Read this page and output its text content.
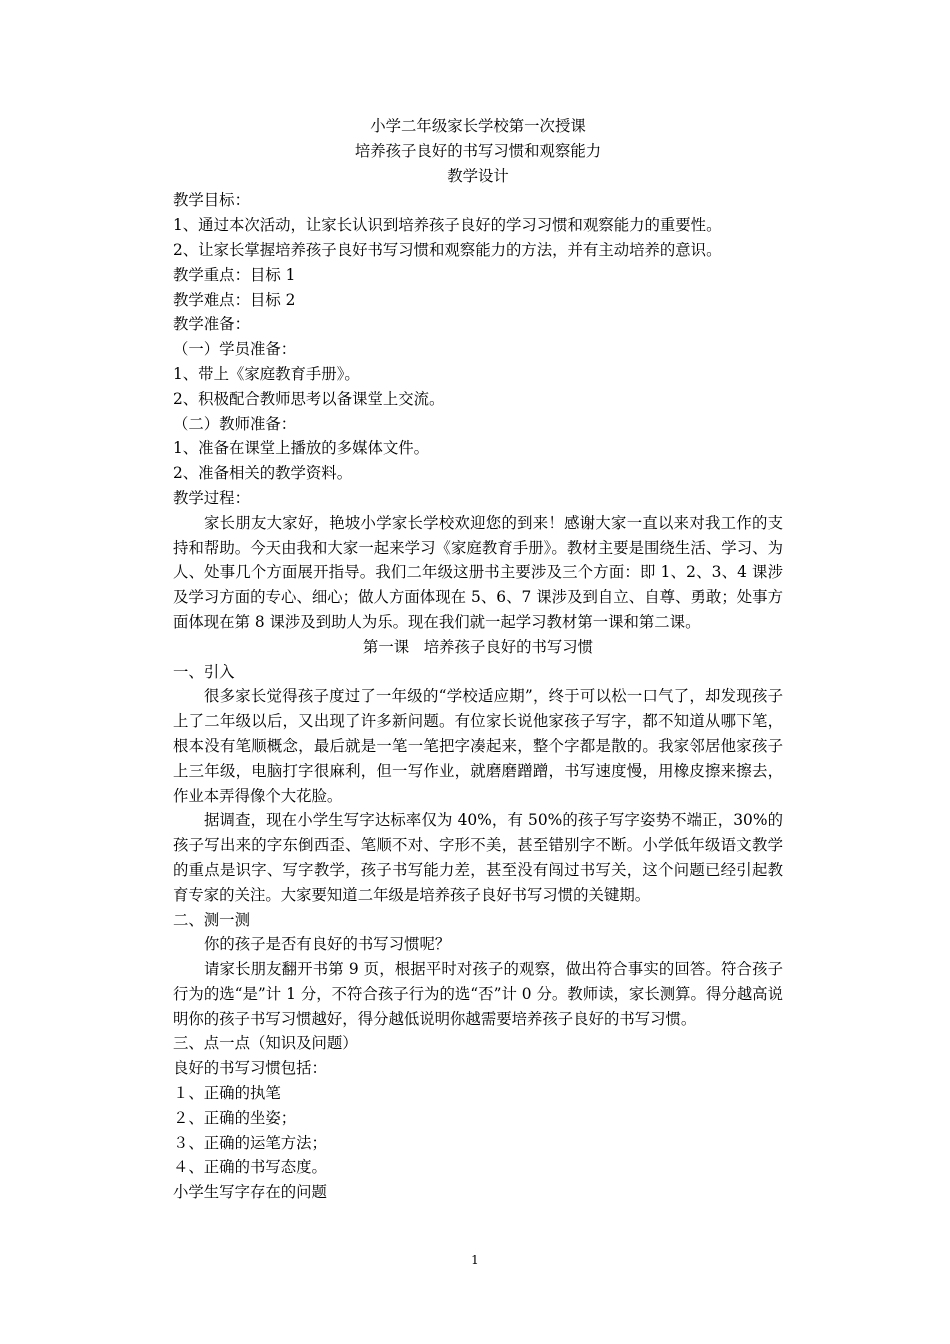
小学二年级家长学校第一次授课
培养孩子良好的书写习惯和观察能力
教学设计
教学目标：
1、通过本次活动，让家长认识到培养孩子良好的学习习惯和观察能力的重要性。
2、让家长掌握培养孩子良好书写习惯和观察能力的方法，并有主动培养的意识。
教学重点：目标 1
教学难点：目标 2
教学准备：
（一）学员准备：
1、带上《家庭教育手册》。
2、积极配合教师思考以备课堂上交流。
（二）教师准备：
1、准备在课堂上播放的多媒体文件。
2、准备相关的教学资料。
教学过程：

家长朋友大家好，艳坡小学家长学校欢迎您的到来！感谢大家一直以来对我工作的支持和帮助。今天由我和大家一起来学习《家庭教育手册》。教材主要是围绕生活、学习、为人、处事几个方面展开指导。我们二年级这册书主要涉及三个方面：即 1、2、3、4 课涉及学习方面的专心、细心；做人方面体现在 5、6、7 课涉及到自立、自尊、勇敢；处事方面体现在第 8 课涉及到助人为乐。现在我们就一起学习教材第一课和第二课。

第一课   培养孩子良好的书写习惯
一、引入

很多家长觉得孩子度过了一年级的“学校适应期”，终于可以松一口气了，却发现孩子上了二年级以后，又出现了许多新问题。有位家长说他家孩子写字，都不知道从哪下笔，根本没有笔顺概念，最后就是一笔一笔把字凑起来，整个字都是散的。我家邻居他家孩子上三年级，电脑打字很麻利，但一写作业，就磨磨蹭蹭，书写速度慢，用橡皮擦来擦去，作业本弄得像个大花脸。

据调查，现在小学生写字达标率仅为 40%，有 50%的孩子写字姿势不端正，30%的孩子写出来的字东倒西歪、笔顺不对、字形不美，甚至错别字不断。小学低年级语文教学的重点是识字、写字教学，孩子书写能力差，甚至没有闯过书写关，这个问题已经引起教育专家的关注。大家要知道二年级是培养孩子良好书写习惯的关键期。

二、测一测
你的孩子是否有良好的书写习惯呢？

请家长朋友翻开书第 9 页，根据平时对孩子的观察，做出符合事实的回答。符合孩子行为的选“是”计 1 分，不符合孩子行为的选“否”计 0 分。教师读，家长测算。得分越高说明你的孩子书写习惯越好，得分越低说明你越需要培养孩子良好的书写习惯。

三、点一点（知识及问题）
良好的书写习惯包括：
１、正确的执笔
２、正确的坐姿；
３、正确的运笔方法；
４、正确的书写态度。
小学生写字存在的问题
1
